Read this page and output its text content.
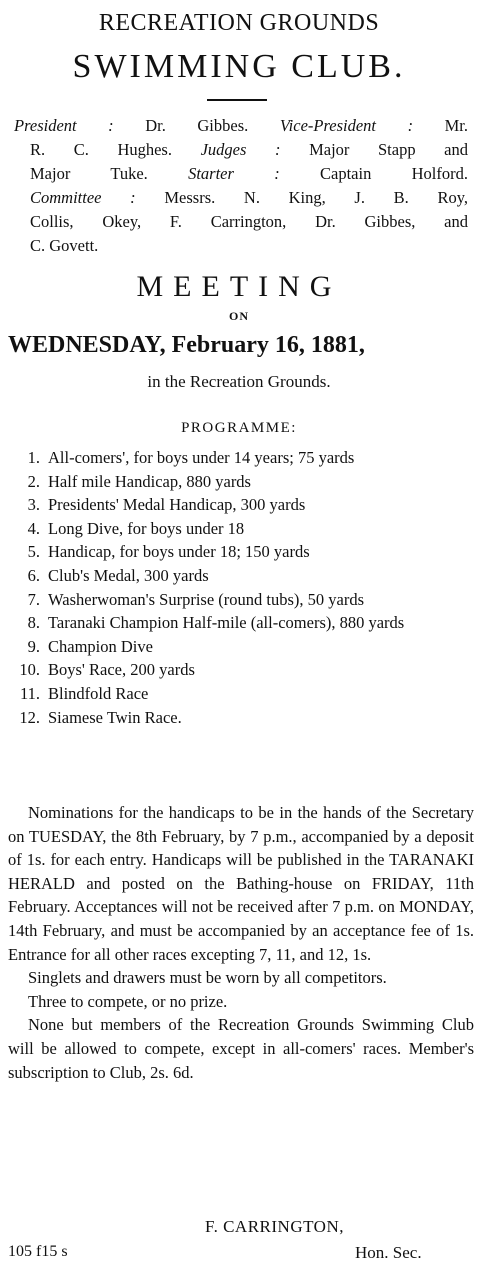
RECREATION GROUNDS
SWIMMING CLUB.
President : Dr. Gibbes. Vice-President : Mr.
R. C. Hughes. Judges : Major Stapp and
Major Tuke. Starter : Captain Holford.
Committee : Messrs. N. King, J. B. Roy,
Collis, Okey, F. Carrington, Dr. Gibbes, and
C. Govett.
MEETING
ON
WEDNESDAY, February 16, 1881,
in the Recreation Grounds.
PROGRAMME:
1. All-comers', for boys under 14 years; 75 yards
2. Half mile Handicap, 880 yards
3. Presidents' Medal Handicap, 300 yards
4. Long Dive, for boys under 18
5. Handicap, for boys under 18; 150 yards
6. Club's Medal, 300 yards
7. Washerwoman's Surprise (round tubs), 50 yards
8. Taranaki Champion Half-mile (all-comers), 880 yards
9. Champion Dive
10. Boys' Race, 200 yards
11. Blindfold Race
12. Siamese Twin Race.

Nominations for the handicaps to be in the hands of the Secretary on TUESDAY, the 8th February, by 7 p.m., accompanied by a deposit of 1s. for each entry. Handicaps will be published in the TARANAKI HERALD and posted on the Bathing-house on FRIDAY, 11th February. Acceptances will not be received after 7 p.m. on MONDAY, 14th February, and must be accompanied by an acceptance fee of 1s. Entrance for all other races excepting 7, 11, and 12, 1s.

Singlets and drawers must be worn by all competitors.

Three to compete, or no prize.

None but members of the Recreation Grounds Swimming Club will be allowed to compete, except in all-comers' races. Member's subscription to Club, 2s. 6d.

F. CARRINGTON,
105 f15 s	Hon. Sec.
